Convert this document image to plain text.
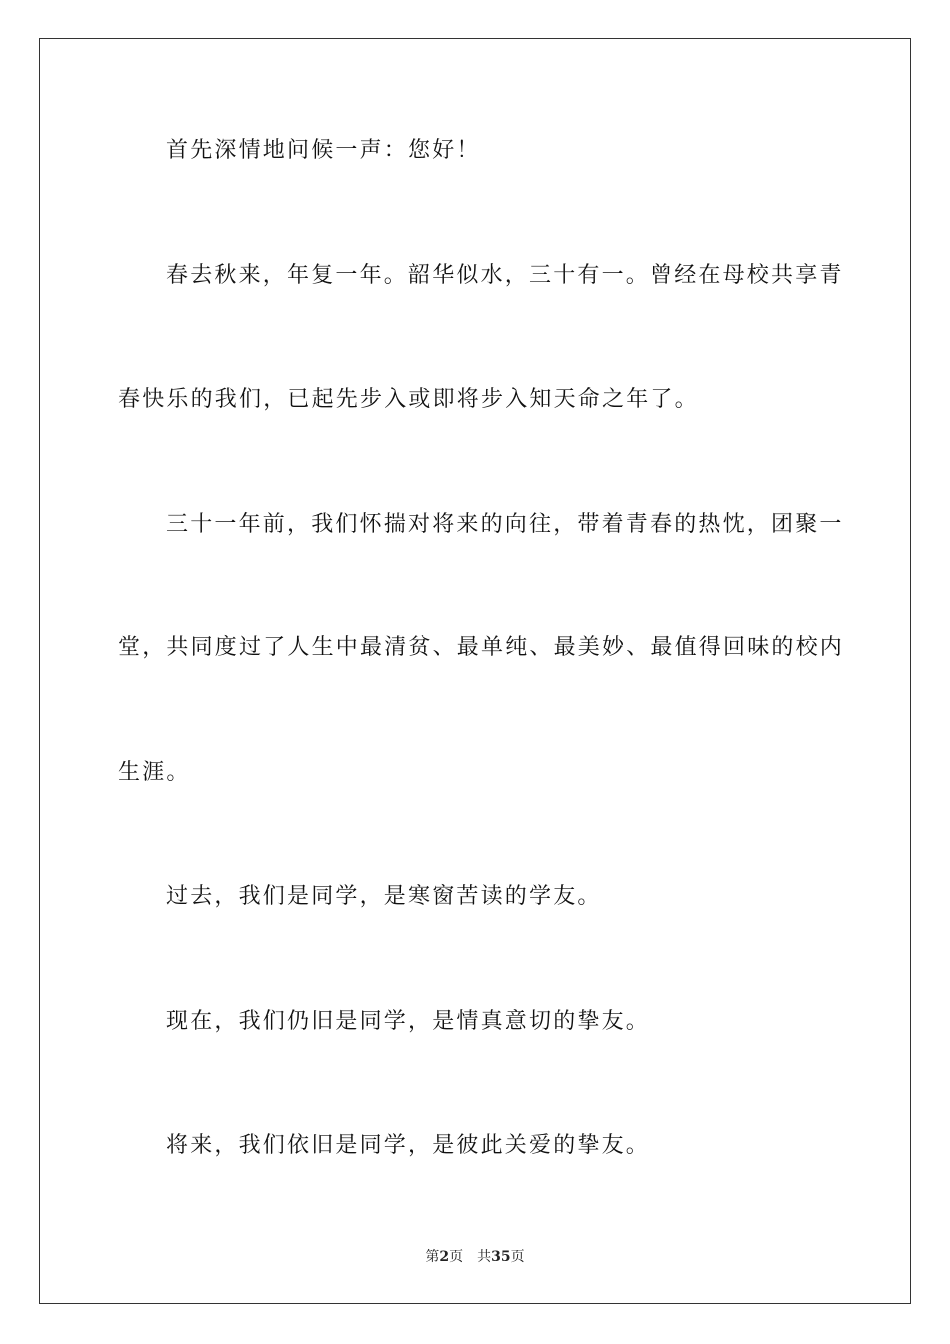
首先深情地问候一声：您好！
春去秋来，年复一年。韶华似水，三十有一。曾经在母校共享青
春快乐的我们，已起先步入或即将步入知天命之年了。
三十一年前，我们怀揣对将来的向往，带着青春的热忱，团聚一
堂，共同度过了人生中最清贫、最单纯、最美妙、最值得回味的校内
生涯。
过去，我们是同学，是寒窗苦读的学友。
现在，我们仍旧是同学，是情真意切的挚友。
将来，我们依旧是同学，是彼此关爱的挚友。
第2页 共35页
